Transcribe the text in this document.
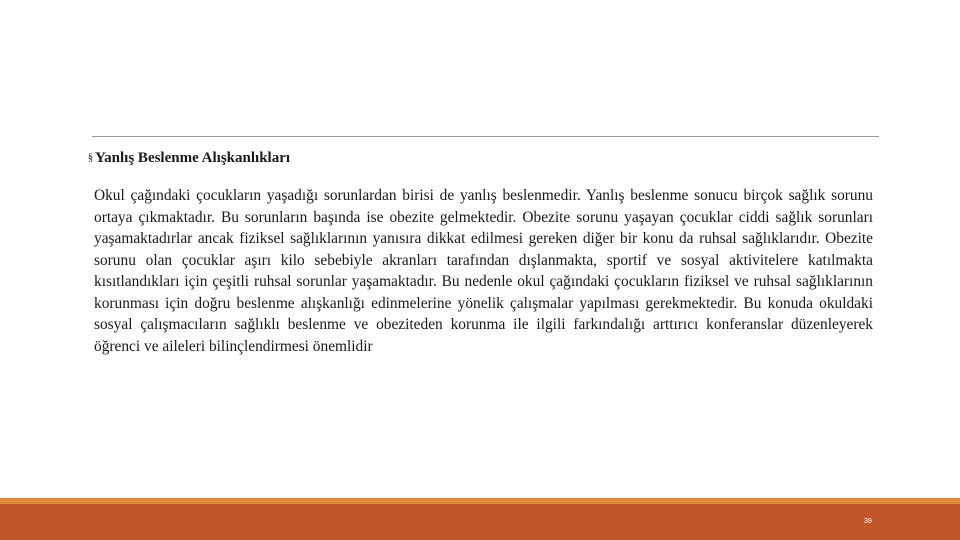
§ Yanlış Beslenme Alışkanlıkları

Okul çağındaki çocukların yaşadığı sorunlardan birisi de yanlış beslenmedir. Yanlış beslenme sonucu birçok sağlık sorunu ortaya çıkmaktadır. Bu sorunların başında ise obezite gelmektedir. Obezite sorunu yaşayan çocuklar ciddi sağlık sorunları yaşamaktadırlar ancak fiziksel sağlıklarının yanısıra dikkat edilmesi gereken diğer bir konu da ruhsal sağlıklarıdır. Obezite sorunu olan çocuklar aşırı kilo sebebiyle akranları tarafından dışlanmakta, sportif ve sosyal aktivitelere katılmakta kısıtlandıkları için çeşitli ruhsal sorunlar yaşamaktadır. Bu nedenle okul çağındaki çocukların fiziksel ve ruhsal sağlıklarının korunması için doğru beslenme alışkanlığı edinmelerine yönelik çalışmalar yapılması gerekmektedir. Bu konuda okuldaki sosyal çalışmacıların sağlıklı beslenme ve obeziteden korunma ile ilgili farkındalığı arttırıcı konferanslar düzenleyerek öğrenci ve aileleri bilinçlendirmesi önemlidir

39
